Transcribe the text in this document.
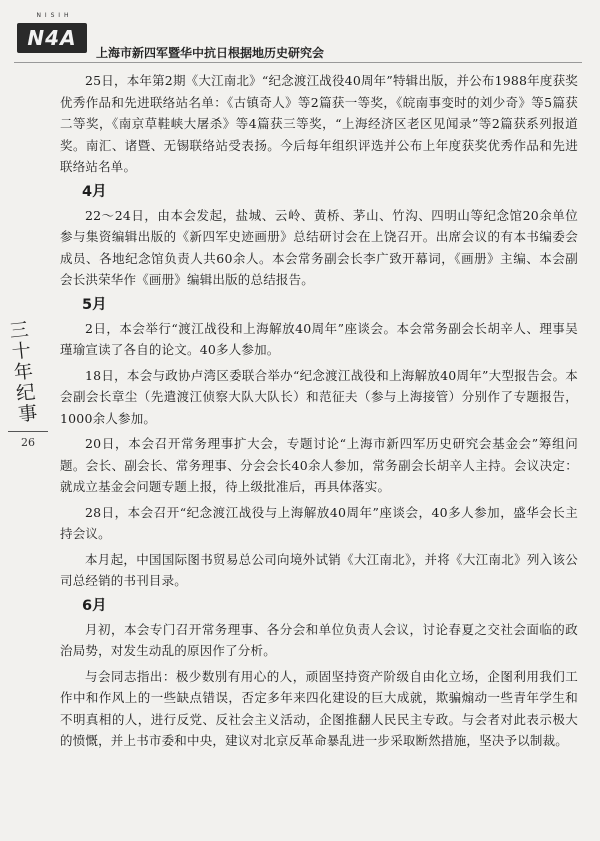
N I S I H
N4A
上海市新四军暨华中抗日根据地历史研究会
三十年纪事
26

25日，本年第2期《大江南北》“纪念渡江战役40周年”特辑出版，并公布1988年度获奖优秀作品和先进联络站名单：《古镇奇人》等2篇获一等奖，《皖南事变时的刘少奇》等5篇获二等奖，《南京草鞋峡大屠杀》等4篇获三等奖，“上海经济区老区见闻录”等2篇获系列报道奖。南汇、诸暨、无锡联络站受表扬。今后每年组织评选并公布上年度获奖优秀作品和先进联络站名单。

4月

22～24日，由本会发起，盐城、云岭、黄桥、茅山、竹沟、四明山等纪念馆20余单位参与集资编辑出版的《新四军史迹画册》总结研讨会在上饶召开。出席会议的有本书编委会成员、各地纪念馆负责人共60余人。本会常务副会长李广致开幕词，《画册》主编、本会副会长洪荣华作《画册》编辑出版的总结报告。

5月

2日，本会举行“渡江战役和上海解放40周年”座谈会。本会常务副会长胡辛人、理事吴瑾瑜宣读了各自的论文。40多人参加。

18日，本会与政协卢湾区委联合举办“纪念渡江战役和上海解放40周年”大型报告会。本会副会长章尘（先遣渡江侦察大队大队长）和范征夫（参与上海接管）分别作了专题报告，1000余人参加。

20日，本会召开常务理事扩大会，专题讨论“上海市新四军历史研究会基金会”筹组问题。会长、副会长、常务理事、分会会长40余人参加，常务副会长胡辛人主持。会议决定：就成立基金会问题专题上报，待上级批准后，再具体落实。

28日，本会召开“纪念渡江战役与上海解放40周年”座谈会，40多人参加，盛华会长主持会议。

本月起，中国国际图书贸易总公司向境外试销《大江南北》，并将《大江南北》列入该公司总经销的书刊目录。

6月

月初，本会专门召开常务理事、各分会和单位负责人会议，讨论春夏之交社会面临的政治局势，对发生动乱的原因作了分析。

与会同志指出：极少数別有用心的人，顽固坚持资产阶级自由化立场，企图利用我们工作中和作风上的一些缺点错误，否定多年来四化建设的巨大成就，欺骗煽动一些青年学生和不明真相的人，进行反党、反社会主义活动，企图推翻人民民主专政。与会者对此表示极大的愤慨，并上书市委和中央，建议对北京反革命暴乱进一步采取断然措施，坚决予以制裁。
